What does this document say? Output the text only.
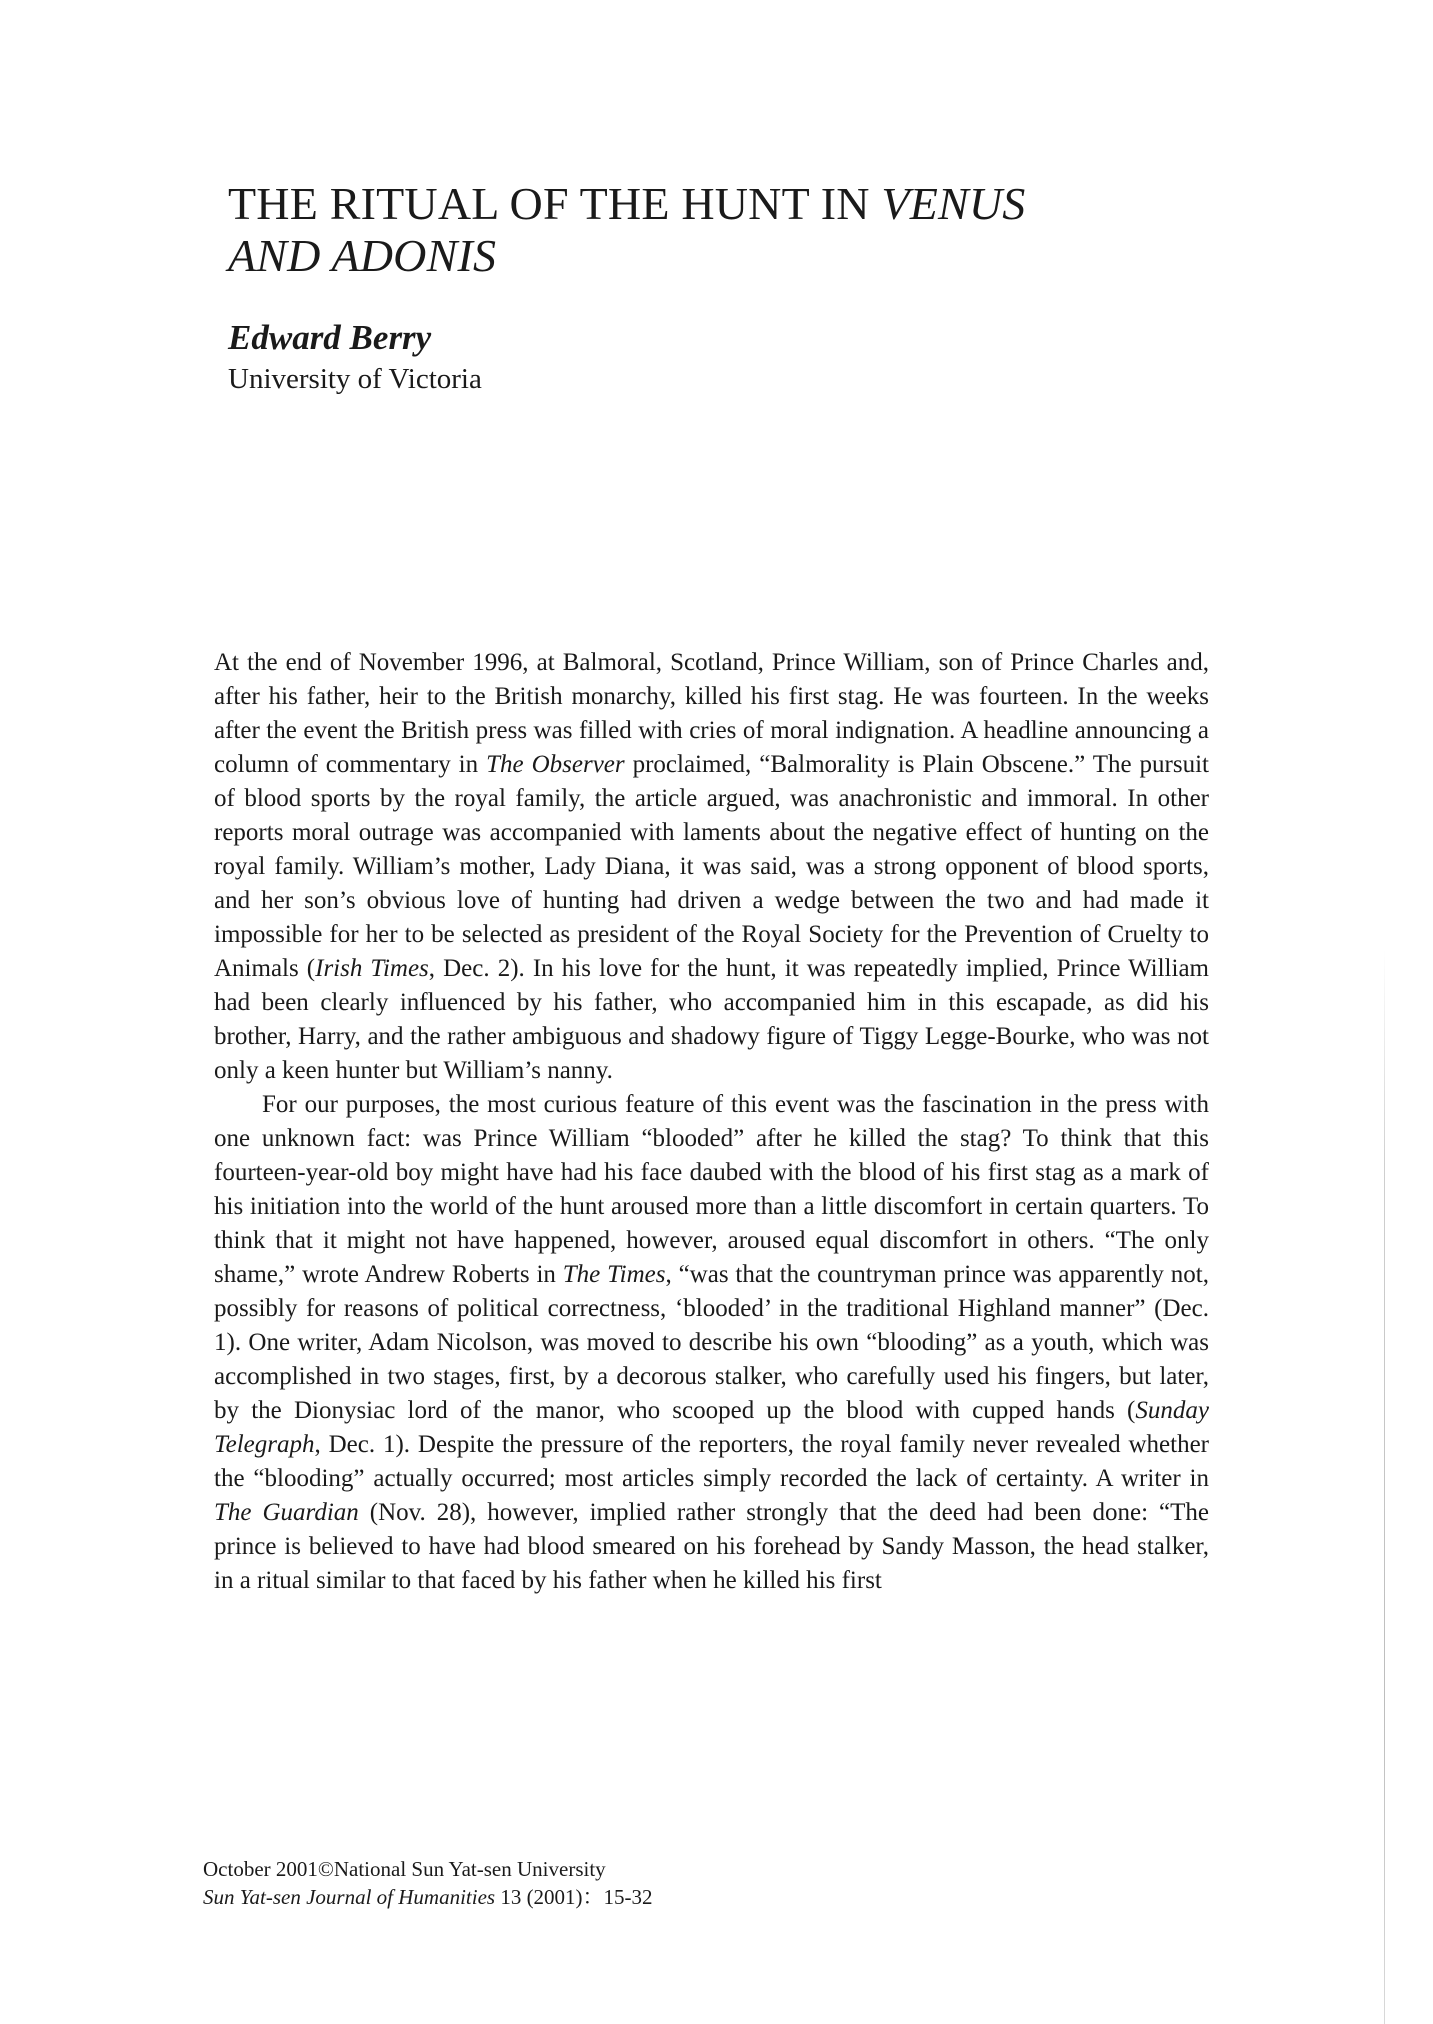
THE RITUAL OF THE HUNT IN VENUS
AND ADONIS

Edward Berry

University of Victoria

At the end of November 1996, at Balmoral, Scotland, Prince William, son of Prince Charles and, after his father, heir to the British monarchy, killed his first stag. He was fourteen. In the weeks after the event the British press was filled with cries of moral indignation. A headline announcing a column of commentary in The Observer proclaimed, “Balmorality is Plain Obscene.” The pursuit of blood sports by the royal family, the article argued, was anachronistic and immoral. In other reports moral outrage was accompanied with laments about the negative effect of hunting on the royal family. William’s mother, Lady Diana, it was said, was a strong opponent of blood sports, and her son’s obvious love of hunting had driven a wedge between the two and had made it impossible for her to be selected as president of the Royal Society for the Prevention of Cruelty to Animals (Irish Times, Dec. 2). In his love for the hunt, it was repeatedly implied, Prince William had been clearly influenced by his father, who accompanied him in this escapade, as did his brother, Harry, and the rather ambiguous and shadowy figure of Tiggy Legge-Bourke, who was not only a keen hunter but William’s nanny.

For our purposes, the most curious feature of this event was the fascination in the press with one unknown fact: was Prince William “blooded” after he killed the stag? To think that this fourteen-year-old boy might have had his face daubed with the blood of his first stag as a mark of his initiation into the world of the hunt aroused more than a little discomfort in certain quarters. To think that it might not have happened, however, aroused equal discomfort in others. “The only shame,” wrote Andrew Roberts in The Times, “was that the countryman prince was apparently not, possibly for reasons of political correctness, ‘blooded’ in the traditional Highland manner” (Dec. 1). One writer, Adam Nicolson, was moved to describe his own “blooding” as a youth, which was accomplished in two stages, first, by a decorous stalker, who carefully used his fingers, but later, by the Dionysiac lord of the manor, who scooped up the blood with cupped hands (Sunday Telegraph, Dec. 1). Despite the pressure of the reporters, the royal family never revealed whether the “blooding” actually occurred; most articles simply recorded the lack of certainty. A writer in The Guardian (Nov. 28), however, implied rather strongly that the deed had been done: “The prince is believed to have had blood smeared on his forehead by Sandy Masson, the head stalker, in a ritual similar to that faced by his father when he killed his first

October 2001©National Sun Yat-sen University
Sun Yat-sen Journal of Humanities 13 (2001)：15-32
